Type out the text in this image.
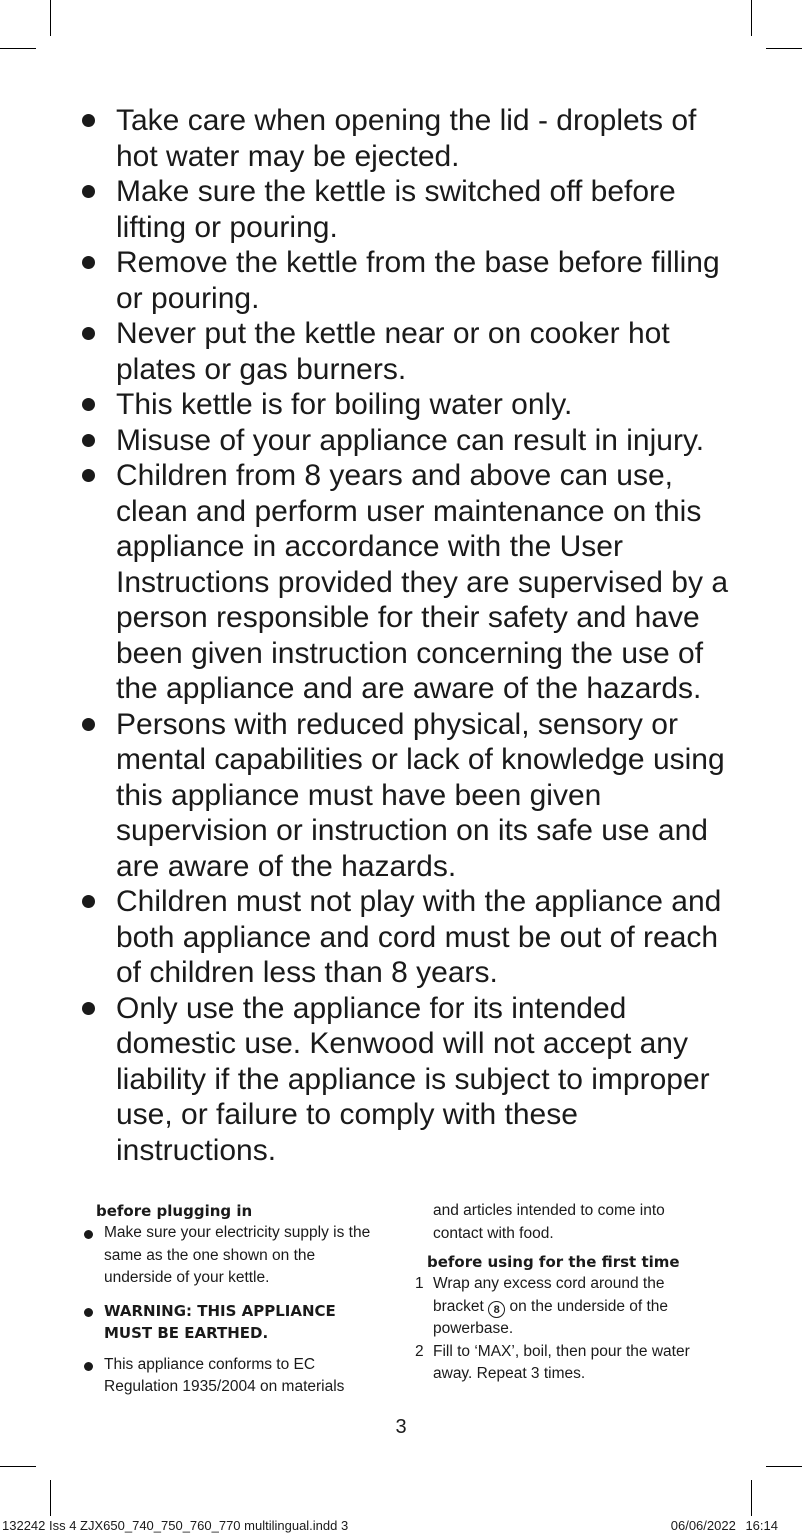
Take care when opening the lid - droplets of hot water may be ejected.
Make sure the kettle is switched off before lifting or pouring.
Remove the kettle from the base before filling or pouring.
Never put the kettle near or on cooker hot plates or gas burners.
This kettle is for boiling water only.
Misuse of your appliance can result in injury.
Children from 8 years and above can use, clean and perform user maintenance on this appliance in accordance with the User Instructions provided they are supervised by a person responsible for their safety and have been given instruction concerning the use of the appliance and are aware of the hazards.
Persons with reduced physical, sensory or mental capabilities or lack of knowledge using this appliance must have been given supervision or instruction on its safe use and are aware of the hazards.
Children must not play with the appliance and both appliance and cord must be out of reach of children less than 8 years.
Only use the appliance for its intended domestic use. Kenwood will not accept any liability if the appliance is subject to improper use, or failure to comply with these instructions.

before plugging in

Make sure your electricity supply is the same as the one shown on the underside of your kettle.
WARNING: THIS APPLIANCE MUST BE EARTHED.
This appliance conforms to EC Regulation 1935/2004 on materials
and articles intended to come into contact with food.

before using for the first time

1 Wrap any excess cord around the bracket 8 on the underside of the powerbase.
2 Fill to ‘MAX’, boil, then pour the water away. Repeat 3 times.
3
132242 Iss 4 ZJX650_740_750_760_770 multilingual.indd 3	06/06/2022 16:14
